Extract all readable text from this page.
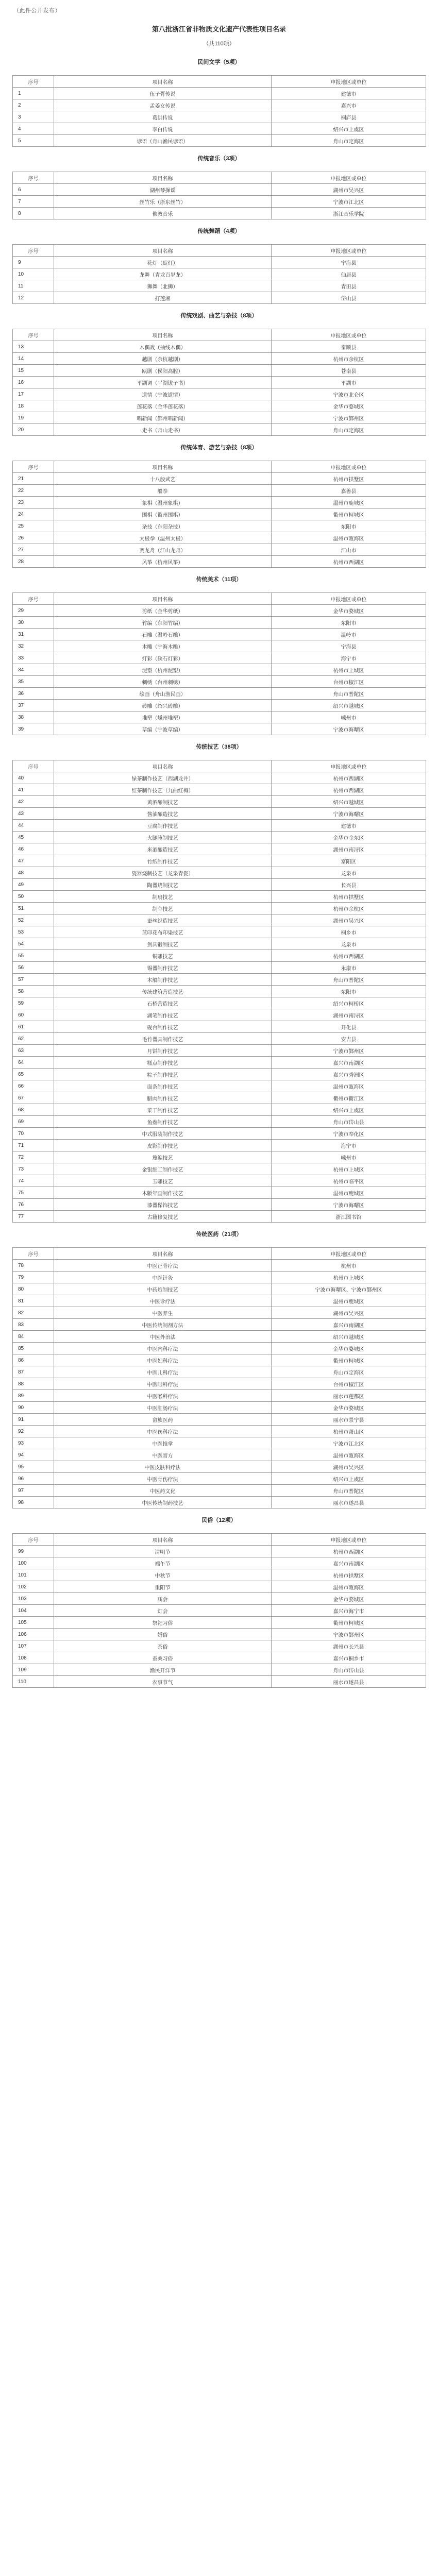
（此件公开发布）
第八批浙江省非物质文化遗产代表性项目名录

（共110项）

民间文学（5项）
序号	项目名称	申报地区或单位
1	伍子胥传说	建德市
2	孟姜女传说	嘉兴市
3	葛洪传说	桐庐县
4	李白传说	绍兴市上虞区
5	谚语（舟山渔民谚语）	舟山市定海区
传统音乐（3项）
序号	项目名称	申报地区或单位
6	湖州琴操谣	湖州市吴兴区
7	丝竹乐（浙东丝竹）	宁波市江北区
8	佛教音乐	浙江音乐学院
传统舞蹈（4项）
序号	项目名称	申报地区或单位
9	花灯（碇灯）	宁海县
10	龙舞（青龙百岁龙）	仙居县
11	狮舞（北狮）	青田县
12	打莲湘	岱山县
传统戏剧、曲艺与杂技（8项）
序号	项目名称	申报地区或单位
13	木偶戏（抽线木偶）	泰顺县
14	越剧（余杭越剧）	杭州市余杭区
15	瓯剧（侯阳高腔）	苍南县
16	平湖调（平湖钹子书）	平湖市
17	道情（宁波道情）	宁波市北仑区
18	莲花落（金华莲花落）	金华市婺城区
19	唱新闻（鄞州唱新闻）	宁波市鄞州区
20	走书（舟山走书）	舟山市定海区
传统体育、游艺与杂技（8项）
序号	项目名称	申报地区或单位
21	十八般武艺	杭州市拱墅区
22	船拳	嘉善县
23	象棋（温州象棋）	温州市鹿城区
24	围棋（衢州围棋）	衢州市柯城区
25	杂技（东阳杂技）	东阳市
26	太极拳（温州太极）	温州市瓯海区
27	赛龙舟（江山龙舟）	江山市
28	风筝（杭州风筝）	杭州市西湖区
传统美术（11项）
序号	项目名称	申报地区或单位
29	剪纸（金华剪纸）	金华市婺城区
30	竹编（东阳竹编）	东阳市
31	石雕（温岭石雕）	温岭市
32	木雕（宁海木雕）	宁海县
33	灯彩（硖石灯彩）	海宁市
34	泥塑（杭州泥塑）	杭州市上城区
35	刺绣（台州刺绣）	台州市椒江区
36	绘画（舟山渔民画）	舟山市普陀区
37	砖雕（绍兴砖雕）	绍兴市越城区
38	堆塑（嵊州堆塑）	嵊州市
39	草编（宁波草编）	宁波市海曙区
传统技艺（38项）
序号	项目名称	申报地区或单位
40	绿茶制作技艺（西湖龙井）	杭州市西湖区
41	红茶制作技艺（九曲红梅）	杭州市西湖区
42	黄酒酿制技艺	绍兴市越城区
43	酱油酿造技艺	宁波市海曙区
44	豆腐制作技艺	建德市
45	火腿腌制技艺	金华市金东区
46	米酒酿造技艺	湖州市南浔区
47	竹纸制作技艺	富阳区
48	瓷器烧制技艺（龙泉青瓷）	龙泉市
49	陶器烧制技艺	长兴县
50	制扇技艺	杭州市拱墅区
51	制伞技艺	杭州市余杭区
52	蚕丝织造技艺	湖州市吴兴区
53	蓝印花布印染技艺	桐乡市
54	剑具锻制技艺	龙泉市
55	铜雕技艺	杭州市西湖区
56	锡器制作技艺	永康市
57	木船制作技艺	舟山市普陀区
58	传统建筑营造技艺	东阳市
59	石桥营造技艺	绍兴市柯桥区
60	湖笔制作技艺	湖州市南浔区
61	砚台制作技艺	开化县
62	毛竹器具制作技艺	安吉县
63	月饼制作技艺	宁波市鄞州区
64	糕点制作技艺	嘉兴市南湖区
65	粽子制作技艺	嘉兴市秀洲区
66	面条制作技艺	温州市瓯海区
67	腊肉制作技艺	衢州市衢江区
68	菜干制作技艺	绍兴市上虞区
69	鱼鲞制作技艺	舟山市岱山县
70	中式服装制作技艺	宁波市奉化区
71	皮影制作技艺	海宁市
72	篾编技艺	嵊州市
73	金银细工制作技艺	杭州市上城区
74	玉雕技艺	杭州市临平区
75	木版年画制作技艺	温州市鹿城区
76	漆器髹饰技艺	宁波市海曙区
77	古籍修复技艺	浙江图书馆
传统医药（21项）
序号	项目名称	申报地区或单位
78	中医正骨疗法	杭州市
79	中医针灸	杭州市上城区
80	中药炮制技艺	宁波市海曙区、宁波市鄞州区
81	中医诊疗法	温州市鹿城区
82	中医养生	湖州市吴兴区
83	中医传统制剂方法	嘉兴市南湖区
84	中医外治法	绍兴市越城区
85	中医内科疗法	金华市婺城区
86	中医妇科疗法	衢州市柯城区
87	中医儿科疗法	舟山市定海区
88	中医眼科疗法	台州市椒江区
89	中医喉科疗法	丽水市莲都区
90	中医肛肠疗法	金华市婺城区
91	畲族医药	丽水市景宁县
92	中医伤科疗法	杭州市萧山区
93	中医推拿	宁波市江北区
94	中医膏方	温州市瓯海区
95	中医皮肤科疗法	湖州市吴兴区
96	中医骨伤疗法	绍兴市上虞区
97	中医药文化	舟山市普陀区
98	中医传统制药技艺	丽水市遂昌县
民俗（12项）
序号	项目名称	申报地区或单位
99	清明节	杭州市西湖区
100	端午节	嘉兴市南湖区
101	中秋节	杭州市拱墅区
102	重阳节	温州市瓯海区
103	庙会	金华市婺城区
104	灯会	嘉兴市海宁市
105	祭祀习俗	衢州市柯城区
106	婚俗	宁波市鄞州区
107	茶俗	湖州市长兴县
108	蚕桑习俗	嘉兴市桐乡市
109	渔民开洋节	舟山市岱山县
110	农事节气	丽水市遂昌县
